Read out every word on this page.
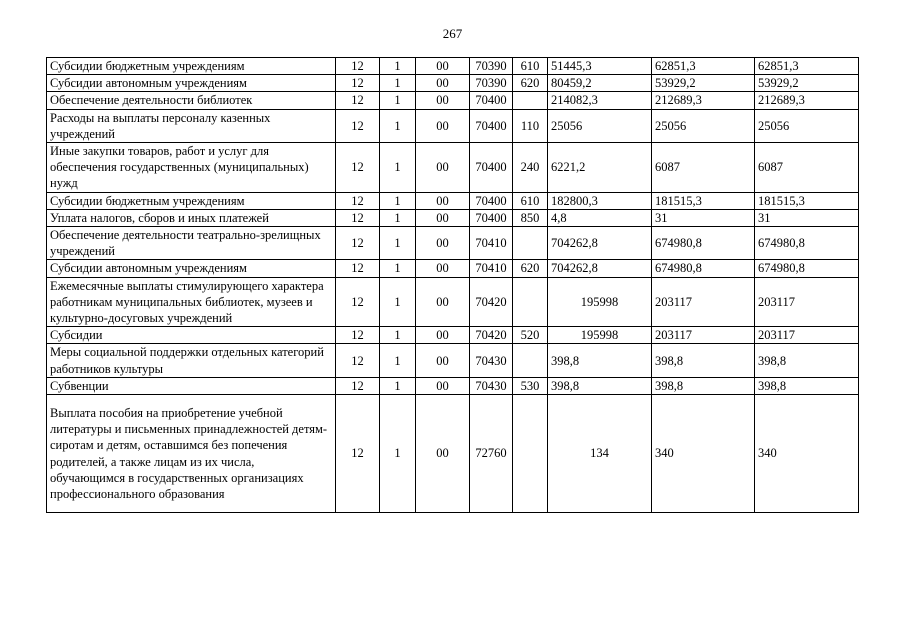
267
Субсидии бюджетным учреждениям	12	1	00	70390	610	51445,3	62851,3	62851,3
Субсидии автономным учреждениям	12	1	00	70390	620	80459,2	53929,2	53929,2
Обеспечение деятельности библиотек	12	1	00	70400		214082,3	212689,3	212689,3
Расходы на выплаты персоналу казенных учреждений	12	1	00	70400	110	25056	25056	25056
Иные закупки товаров, работ и услуг для обеспечения государственных (муниципальных) нужд	12	1	00	70400	240	6221,2	6087	6087
Субсидии бюджетным учреждениям	12	1	00	70400	610	182800,3	181515,3	181515,3
Уплата налогов, сборов и иных платежей	12	1	00	70400	850	4,8	31	31
Обеспечение деятельности театрально-зрелищных учреждений	12	1	00	70410		704262,8	674980,8	674980,8
Субсидии автономным учреждениям	12	1	00	70410	620	704262,8	674980,8	674980,8
Ежемесячные выплаты стимулирующего характера работникам муниципальных библиотек, музеев и культурно-досуговых учреждений	12	1	00	70420		195998	203117	203117
Субсидии	12	1	00	70420	520	195998	203117	203117
Меры социальной поддержки отдельных категорий работников культуры	12	1	00	70430		398,8	398,8	398,8
Субвенции	12	1	00	70430	530	398,8	398,8	398,8
Выплата пособия на приобретение учебной литературы и письменных принадлежностей детям-сиротам и детям, оставшимся без попечения родителей, а также лицам из их числа, обучающимся в государственных организациях профессионального образования	12	1	00	72760		134	340	340
